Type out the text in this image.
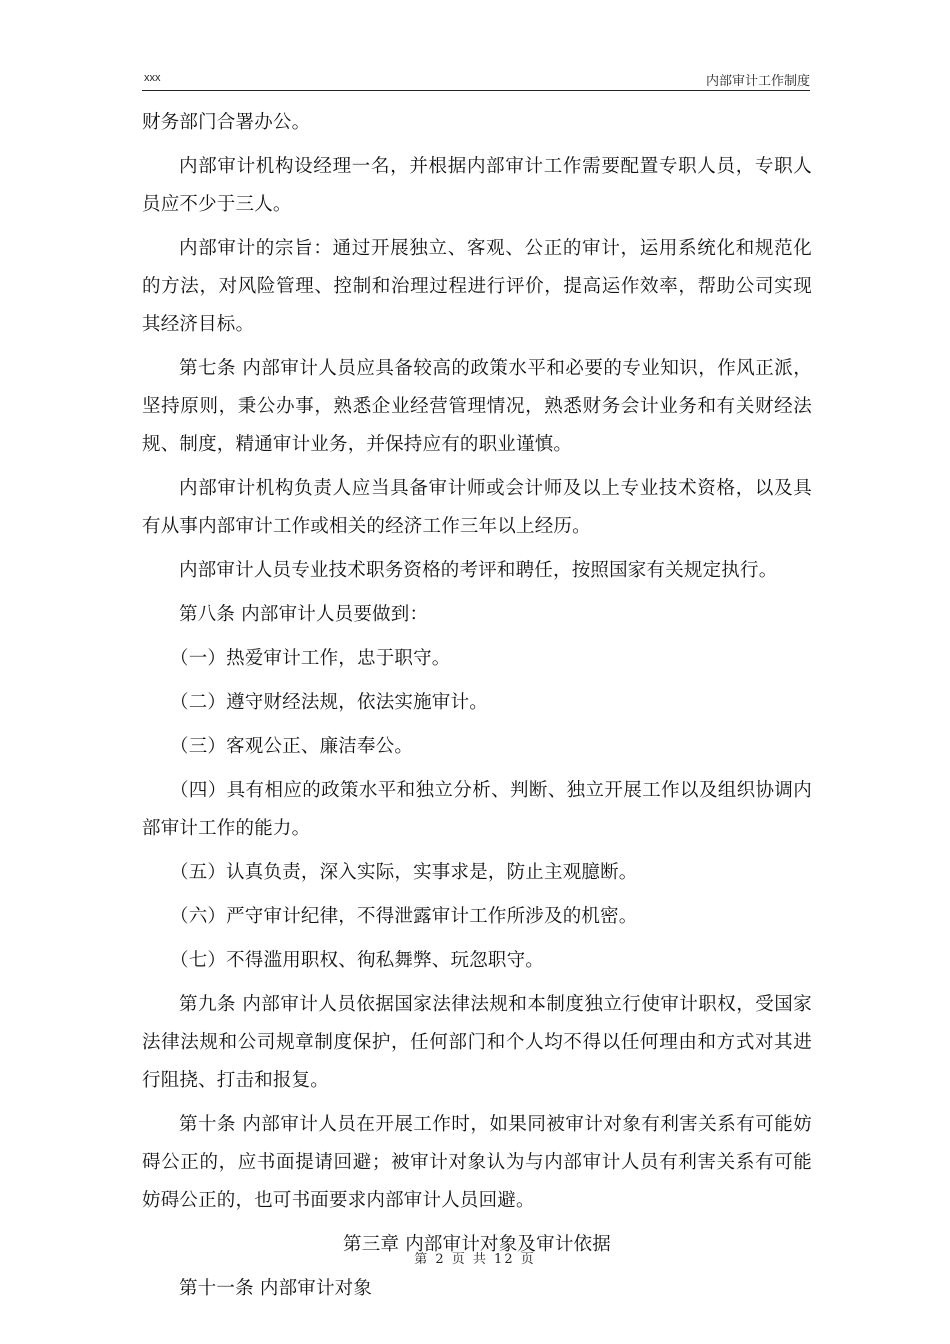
xxx	内部审计工作制度

财务部门合署办公。

内部审计机构设经理一名，并根据内部审计工作需要配置专职人员，专职人员应不少于三人。

内部审计的宗旨：通过开展独立、客观、公正的审计，运用系统化和规范化的方法，对风险管理、控制和治理过程进行评价，提高运作效率，帮助公司实现其经济目标。

第七条 内部审计人员应具备较高的政策水平和必要的专业知识，作风正派，坚持原则，秉公办事，熟悉企业经营管理情况，熟悉财务会计业务和有关财经法规、制度，精通审计业务，并保持应有的职业谨慎。

内部审计机构负责人应当具备审计师或会计师及以上专业技术资格，以及具有从事内部审计工作或相关的经济工作三年以上经历。

内部审计人员专业技术职务资格的考评和聘任，按照国家有关规定执行。

第八条 内部审计人员要做到：

（一）热爱审计工作，忠于职守。

（二）遵守财经法规，依法实施审计。

（三）客观公正、廉洁奉公。

（四）具有相应的政策水平和独立分析、判断、独立开展工作以及组织协调内部审计工作的能力。

（五）认真负责，深入实际，实事求是，防止主观臆断。

（六）严守审计纪律，不得泄露审计工作所涉及的机密。

（七）不得滥用职权、徇私舞弊、玩忽职守。

第九条 内部审计人员依据国家法律法规和本制度独立行使审计职权，受国家法律法规和公司规章制度保护，任何部门和个人均不得以任何理由和方式对其进行阻挠、打击和报复。

第十条 内部审计人员在开展工作时，如果同被审计对象有利害关系有可能妨碍公正的，应书面提请回避；被审计对象认为与内部审计人员有利害关系有可能妨碍公正的，也可书面要求内部审计人员回避。

第三章 内部审计对象及审计依据

第十一条 内部审计对象

第 2 页 共 12 页
